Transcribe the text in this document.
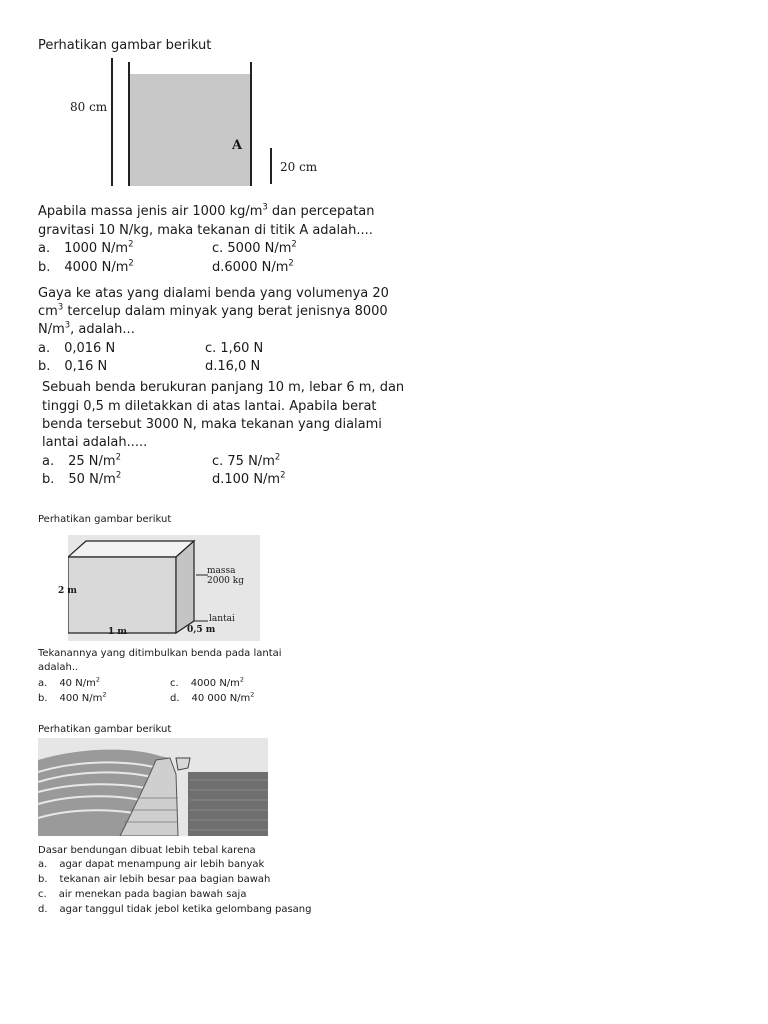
Perhatikan gambar berikut
80 cm
A
20 cm
Apabila massa jenis air 1000 $kg/m^3$ dan percepatan
gravitasi 10 N/kg, maka tekanan di titik A adalah....
a. 1000 $N/m^2$	c. 5000 $N/m^2$
b. 4000 $N/m^2$	d.6000 $N/m^2$
Gaya ke atas yang dialami benda yang volumenya 20
$cm^3$ tercelup dalam minyak yang berat jenisnya 8000
$N/m^3$, adalah...
a. 0,016 N	c. 1,60 N
b. 0,16 N	d.16,0 N
Sebuah benda berukuran panjang 10 m, lebar 6 m, dan
tinggi 0,5 m diletakkan di atas lantai. Apabila berat
benda tersebut 3000 N, maka tekanan yang dialami
lantai adalah.....
a. 25 $N/m^2$	c. 75 $N/m^2$
b. 50 $N/m^2$	d.100 $N/m^2$
Perhatikan gambar berikut
massa
2000 kg
lantai
2 m
1 m	0,5 m
Tekanannya yang ditimbulkan benda pada lantai
adalah..
a. 40 $N/m^2$	c. 4000 $N/m^2$
b. 400 $N/m^2$	d. 40 000 $N/m^2$
Perhatikan gambar berikut
Dasar bendungan dibuat lebih tebal karena
a. agar dapat menampung air lebih banyak
b. tekanan air lebih besar paa bagian bawah
c. air menekan pada bagian bawah saja
d. agar tanggul tidak jebol ketika gelombang pasang
